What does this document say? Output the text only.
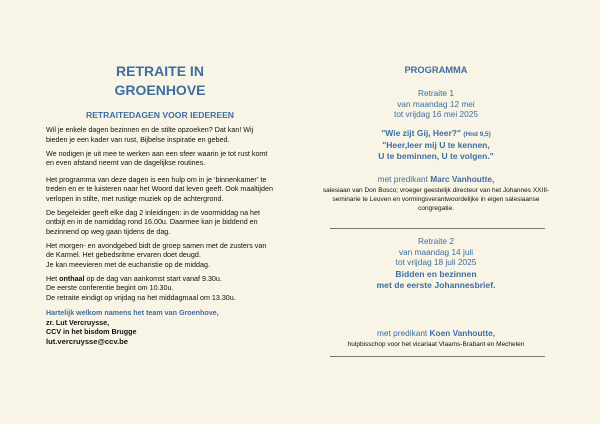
RETRAITE IN
GROENHOVE
RETRAITEDAGEN VOOR IEDEREEN

Wil je enkele dagen bezinnen en de stilte opzoeken? Dat kan! Wij bieden je een kader van rust, Bijbelse inspiratie en gebed.

We nodigen je uit mee te werken aan een sfeer waarin je tot rust komt en even afstand neemt van de dagelijkse routines.

Het programma van deze dagen is een hulp om in je ‘binnenkamer’ te treden en er te luisteren naar het Woord dat leven geeft. Ook maaltijden verlopen in stilte, met rustige muziek op de achtergrond.

De begeleider geeft elke dag 2 inleidingen: in de voormiddag na het ontbijt en in de namiddag rond 16.00u. Daarmee kan je biddend en bezinnend op weg gaan tijdens de dag.

Het morgen- en avondgebed bidt de groep samen met de zusters van de Karmel. Het gebedsritme ervaren doet deugd.
Je kan meevieren met de eucharistie op de middag.

Het onthaal op de dag van aankomst start vanaf 9.30u.
De eerste conferentie begint om 10.30u.
De retraite eindigt op vrijdag na het middagmaal om 13.30u.

Hartelijk welkom namens het team van Groenhove,
zr. Lut Vercruysse,
CCV in het bisdom Brugge
lut.vercruysse@ccv.be
PROGRAMMA
Retraite 1
van maandag 12 mei
tot vrijdag 16 mei 2025
"Wie zijt Gij, Heer?" (Hnd 9,5)
"Heer,leer mij U te kennen,
U te beminnen, U te volgen."
met predikant Marc Vanhoutte,
salesiaan van Don Bosco; vroeger geestelijk directeur van het Johannes XXIII-seminarie te Leuven en vormingsverantwoordelijke in eigen salesiaanse congregatie.
Retraite 2
van maandag 14 juli
tot vrijdag 18 juli 2025
Bidden en bezinnen
met de eerste Johannesbrief.
met predikant Koen Vanhoutte,
hulpbisschop voor het vicariaat Vlaams-Brabant en Mechelen
